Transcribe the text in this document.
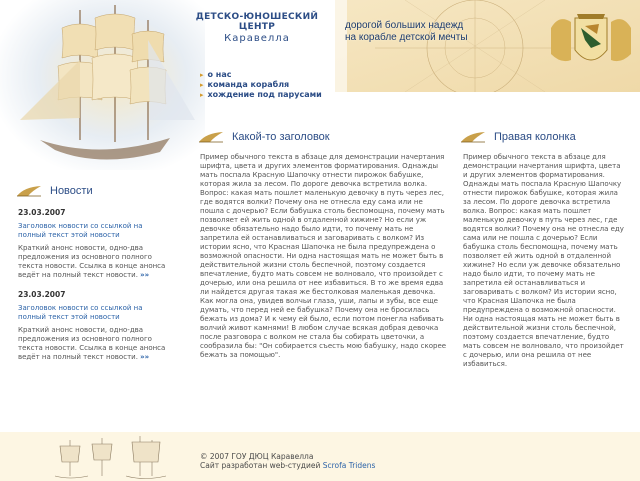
ДЕТСКО-ЮНОШЕСКИЙ ЦЕНТР
Каравелла
дорогой больших надежд
на корабле детской мечты
▸ о нас
▸ команда корабля
▸ хождение под парусами
Какой-то заголовок	Правая колонка
Новости
23.03.2007
Заголовок новости со ссылкой на полный текст этой новости
Краткий анонс новости, одно-два предложения из основного полного текста новости. Ссылка в конце анонса ведёт на полный текст новости. »»
23.03.2007
Заголовок новости со ссылкой на полный текст этой новости
Краткий анонс новости, одно-два предложения из основного полного текста новости. Ссылка в конце анонса ведёт на полный текст новости. »»
Пример обычного текста в абзаце для демонстрации начертания шрифта, цвета и других элементов форматирования. Однажды мать поспала Красную Шапочку отнести пирожок бабушке, которая жила за лесом. По дороге девочка встретила волка. Вопрос: какая мать пошлет маленькую девочку в путь через лес, где водятся волки? Почему она не отнесла еду сама или не пошла с дочерью? Если бабушка столь беспомощна, почему мать позволяет ей жить одной в отдаленной хижине? Но если уж девочке обязательно надо было идти, то почему мать не запретила ей останавливаться и заговаривать с волком? Из истории ясно, что Красная Шапочка не была предупреждена о возможной опасности. Ни одна настоящая мать не может быть в действительной жизни столь беспечной, поэтому создается впечатление, будто мать совсем не волновало, что произойдет с дочерью, или она решила от нее избавиться. В то же время едва ли найдется другая такая же бестолковая маленькая девочка. Как могла она, увидев волчьи глаза, уши, лапы и зубы, все еще думать, что перед ней ее бабушка? Почему она не бросилась бежать из дома? И к чему ей было, если потом понегла набивать волчий живот камнями! В любом случае всякая добрая девочка после разговора с волком не стала бы собирать цветочки, а сообразила бы: "Он собирается съесть мою бабушку, надо скорее бежать за помощью".
Пример обычного текста в абзаце для демонстрации начертания шрифта, цвета и других элементов форматирования. Однажды мать поспала Красную Шапочку отнести пирожок бабушке, которая жила за лесом. По дороге девочка встретила волка. Вопрос: какая мать пошлет маленькую девочку в путь через лес, где водятся волки? Почему она не отнесла еду сама или не пошла с дочерью? Если бабушка столь беспомощна, почему мать позволяет ей жить одной в отдаленной хижине? Но если уж девочке обязательно надо было идти, то почему мать не запретила ей останавливаться и заговаривать с волком? Из истории ясно, что Красная Шапочка не была предупреждена о возможной опасности. Ни одна настоящая мать не может быть в действительной жизни столь беспечной, поэтому создается впечатление, будто мать совсем не волновало, что произойдет с дочерью, или она решила от нее избавиться.
© 2007 ГОУ ДЮЦ Каравелла
Сайт разработан web-студией Scrofa Tridens
